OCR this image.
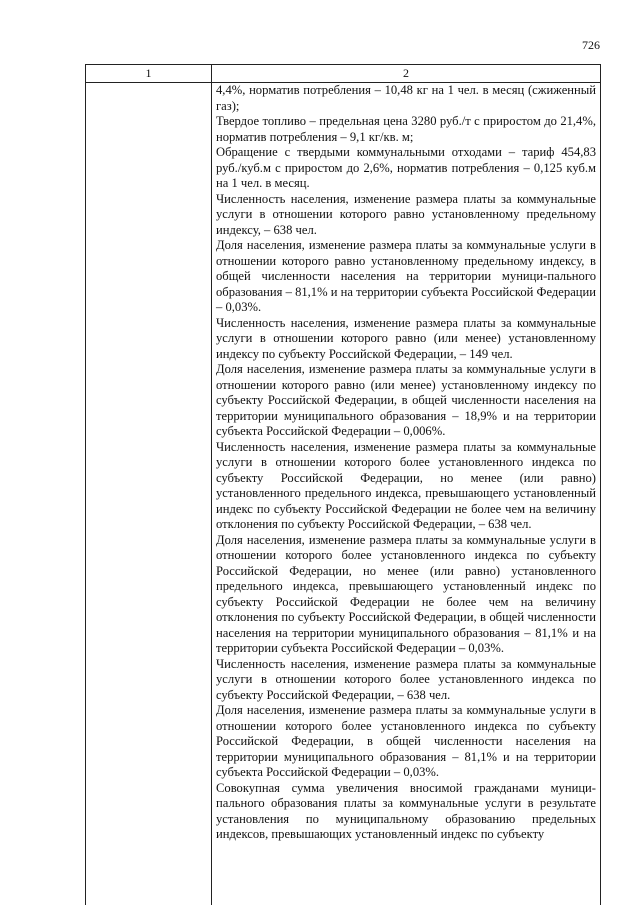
726
1	2

4,4%, норматив потребления – 10,48 кг на 1 чел. в месяц (сжиженный газ);

Твердое топливо – предельная цена 3280 руб./т с приростом до 21,4%, норматив потребления – 9,1 кг/кв. м;

Обращение с твердыми коммунальными отходами – тариф 454,83 руб./куб.м с приростом до 2,6%, норматив потребления – 0,125 куб.м на 1 чел. в месяц.

Численность населения, изменение размера платы за коммунальные услуги в отношении которого равно установленному предельному индексу, – 638 чел.

Доля населения, изменение размера платы за коммунальные услуги в отношении которого равно установленному предельному индексу, в общей численности населения на территории муници-пального образования – 81,1% и на территории субъекта Российской Федерации – 0,03%.

Численность населения, изменение размера платы за коммунальные услуги в отношении которого равно (или менее) установленному индексу по субъекту Российской Федерации, – 149 чел.

Доля населения, изменение размера платы за коммунальные услуги в отношении которого равно (или менее) установленному индексу по субъекту Российской Федерации, в общей численности населения на территории муниципального образования – 18,9% и на территории субъекта Российской Федерации – 0,006%.

Численность населения, изменение размера платы за коммунальные услуги в отношении которого более установленного индекса по субъекту Российской Федерации, но менее (или равно) установленного предельного индекса, превышающего установленный индекс по субъекту Российской Федерации не более чем на величину отклонения по субъекту Российской Федерации, – 638 чел.

Доля населения, изменение размера платы за коммунальные услуги в отношении которого более установленного индекса по субъекту Российской Федерации, но менее (или равно) установленного предельного индекса, превышающего установленный индекс по субъекту Российской Федерации не более чем на величину отклонения по субъекту Российской Федерации, в общей численности населения на территории муниципального образования – 81,1% и на территории субъекта Российской Федерации – 0,03%.

Численность населения, изменение размера платы за коммунальные услуги в отношении которого более установленного индекса по субъекту Российской Федерации, – 638 чел.

Доля населения, изменение размера платы за коммунальные услуги в отношении которого более установленного индекса по субъекту Российской Федерации, в общей численности населения на территории муниципального образования – 81,1% и на территории субъекта Российской Федерации – 0,03%.

Совокупная сумма увеличения вносимой гражданами муници-пального образования платы за коммунальные услуги в результате установления по муниципальному образованию предельных индексов, превышающих установленный индекс по субъекту
